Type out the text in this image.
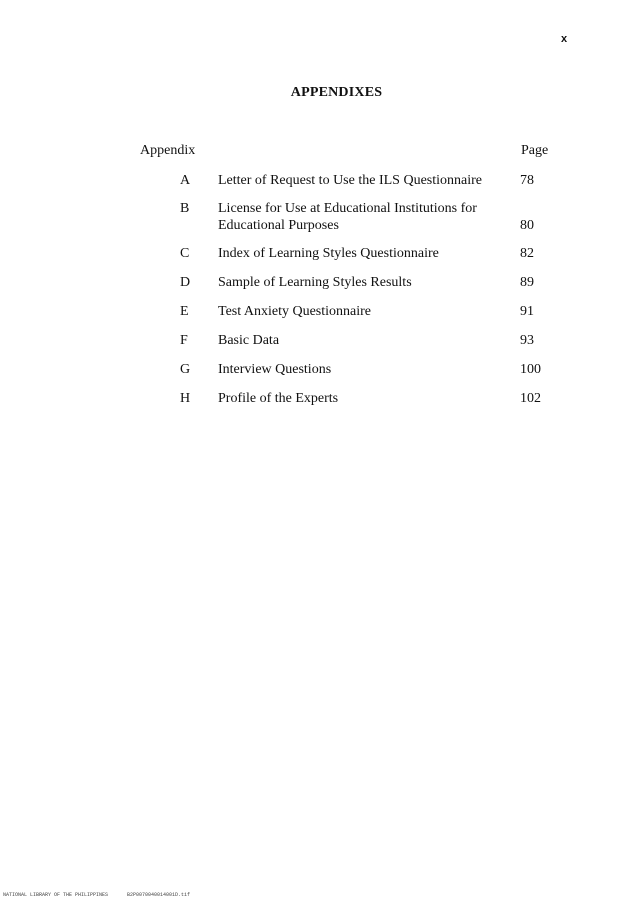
x
APPENDIXES
Appendix	Page
A	Letter of Request to Use the ILS Questionnaire	78
B	License for Use at Educational Institutions for
Educational Purposes	80
C	Index of Learning Styles Questionnaire	82
D	Sample of Learning Styles Results	89
E	Test Anxiety Questionnaire	91
F	Basic Data	93
G	Interview Questions	100
H	Profile of the Experts	102
NATIONAL LIBRARY OF THE PHILIPPINES	B2P0070040014001D.tif
